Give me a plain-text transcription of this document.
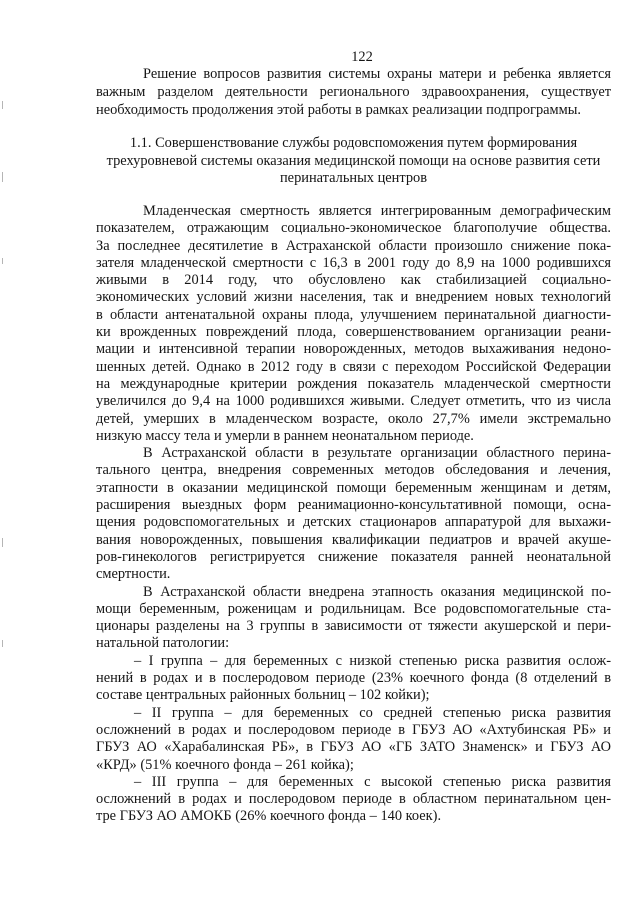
122
Решение вопросов развития системы охраны матери и ребенка является
важным разделом деятельности регионального здравоохранения, существует
необходимость продолжения этой работы в рамках реализации подпрограммы.
1.1. Совершенствование службы родовспоможения путем формирования
трехуровневой системы оказания медицинской помощи на основе развития сети
перинатальных центров
Младенческая смертность является интегрированным демографическим
показателем, отражающим социально-экономическое благополучие общества.
За последнее десятилетие в Астраханской области произошло снижение пока-
зателя младенческой смертности с 16,3 в 2001 году до 8,9 на 1000 родившихся
живыми в 2014 году, что обусловлено как стабилизацией социально-
экономических условий жизни населения, так и внедрением новых технологий
в области антенатальной охраны плода, улучшением перинатальной диагности-
ки врожденных повреждений плода, совершенствованием организации реани-
мации и интенсивной терапии новорожденных, методов выхаживания недоно-
шенных детей. Однако в 2012 году в связи с переходом Российской Федерации
на международные критерии рождения показатель младенческой смертности
увеличился до 9,4 на 1000 родившихся живыми. Следует отметить, что из числа
детей, умерших в младенческом возрасте, около 27,7% имели экстремально
низкую массу тела и умерли в раннем неонатальном периоде.
В Астраханской области в результате организации областного перина-
тального центра, внедрения современных методов обследования и лечения,
этапности в оказании медицинской помощи беременным женщинам и детям,
расширения выездных форм реанимационно-консультативной помощи, осна-
щения родовспомогательных и детских стационаров аппаратурой для выхажи-
вания новорожденных, повышения квалификации педиатров и врачей акуше-
ров-гинекологов регистрируется снижение показателя ранней неонатальной
смертности.
В Астраханской области внедрена этапность оказания медицинской по-
мощи беременным, роженицам и родильницам. Все родовспомогательные ста-
ционары разделены на 3 группы в зависимости от тяжести акушерской и пери-
натальной патологии:
– I группа – для беременных с низкой степенью риска развития ослож-
нений в родах и в послеродовом периоде (23% коечного фонда (8 отделений в
составе центральных районных больниц – 102 койки);
– II группа – для беременных со средней степенью риска развития
осложнений в родах и послеродовом периоде в ГБУЗ АО «Ахтубинская РБ» и
ГБУЗ АО «Харабалинская РБ», в ГБУЗ АО «ГБ ЗАТО Знаменск» и ГБУЗ АО
«КРД» (51% коечного фонда – 261 койка);
– III группа – для беременных с высокой степенью риска развития
осложнений в родах и послеродовом периоде в областном перинатальном цен-
тре ГБУЗ АО АМОКБ (26% коечного фонда – 140 коек).
